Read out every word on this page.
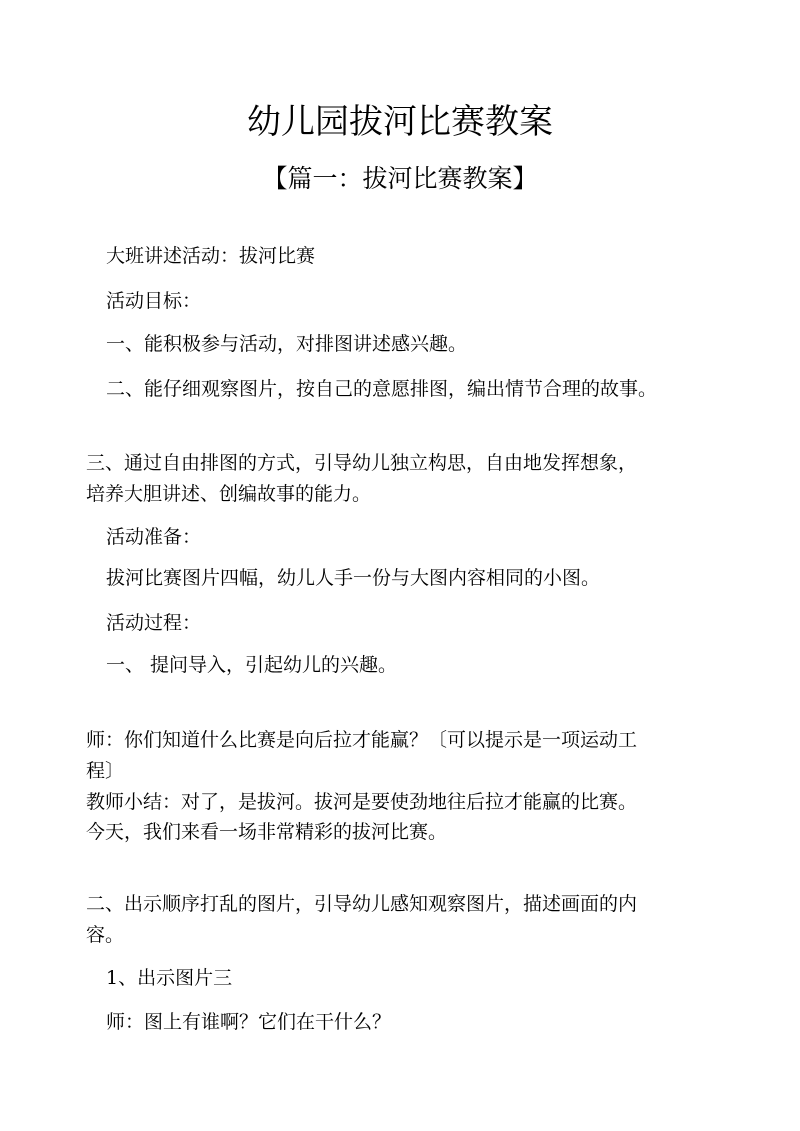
幼儿园拔河比赛教案
【篇一：拔河比赛教案】
大班讲述活动：拔河比赛
活动目标：
一、能积极参与活动，对排图讲述感兴趣。
二、能仔细观察图片，按自己的意愿排图，编出情节合理的故事。
三、通过自由排图的方式，引导幼儿独立构思，自由地发挥想象，
培养大胆讲述、创编故事的能力。
活动准备：
拔河比赛图片四幅，幼儿人手一份与大图内容相同的小图。
活动过程：
一、 提问导入，引起幼儿的兴趣。
师：你们知道什么比赛是向后拉才能赢？〔可以提示是一项运动工
程〕
教师小结：对了，是拔河。拔河是要使劲地往后拉才能赢的比赛。
今天，我们来看一场非常精彩的拔河比赛。
二、出示顺序打乱的图片，引导幼儿感知观察图片，描述画面的内
容。
1、出示图片三
师：图上有谁啊？它们在干什么？
